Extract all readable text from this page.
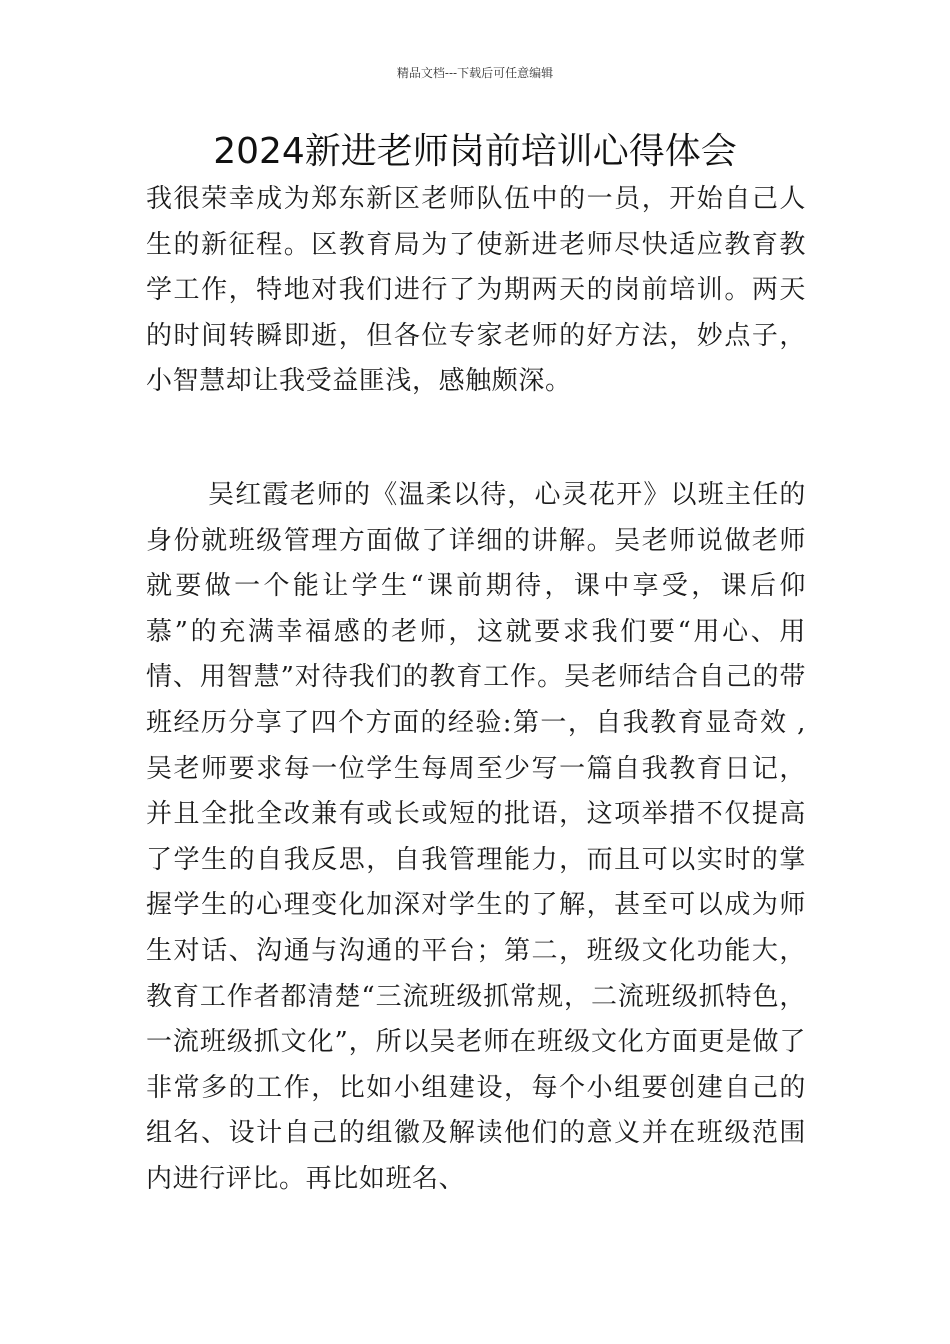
精品文档---下载后可任意编辑
2024新进老师岗前培训心得体会

我很荣幸成为郑东新区老师队伍中的一员，开始自己人生的新征程。区教育局为了使新进老师尽快适应教育教学工作，特地对我们进行了为期两天的岗前培训。两天的时间转瞬即逝，但各位专家老师的好方法，妙点子，小智慧却让我受益匪浅，感触颇深。

吴红霞老师的《温柔以待，心灵花开》以班主任的身份就班级管理方面做了详细的讲解。吴老师说做老师就要做一个能让学生“课前期待，课中享受，课后仰慕”的充满幸福感的老师，这就要求我们要“用心、用情、用智慧”对待我们的教育工作。吴老师结合自己的带班经历分享了四个方面的经验:第一，自我教育显奇效 ,吴老师要求每一位学生每周至少写一篇自我教育日记，并且全批全改兼有或长或短的批语，这项举措不仅提高了学生的自我反思，自我管理能力，而且可以实时的掌握学生的心理变化加深对学生的了解，甚至可以成为师生对话、沟通与沟通的平台；第二，班级文化功能大，教育工作者都清楚“三流班级抓常规，二流班级抓特色，一流班级抓文化”，所以吴老师在班级文化方面更是做了非常多的工作，比如小组建设，每个小组要创建自己的组名、设计自己的组徽及解读他们的意义并在班级范围内进行评比。再比如班名、
